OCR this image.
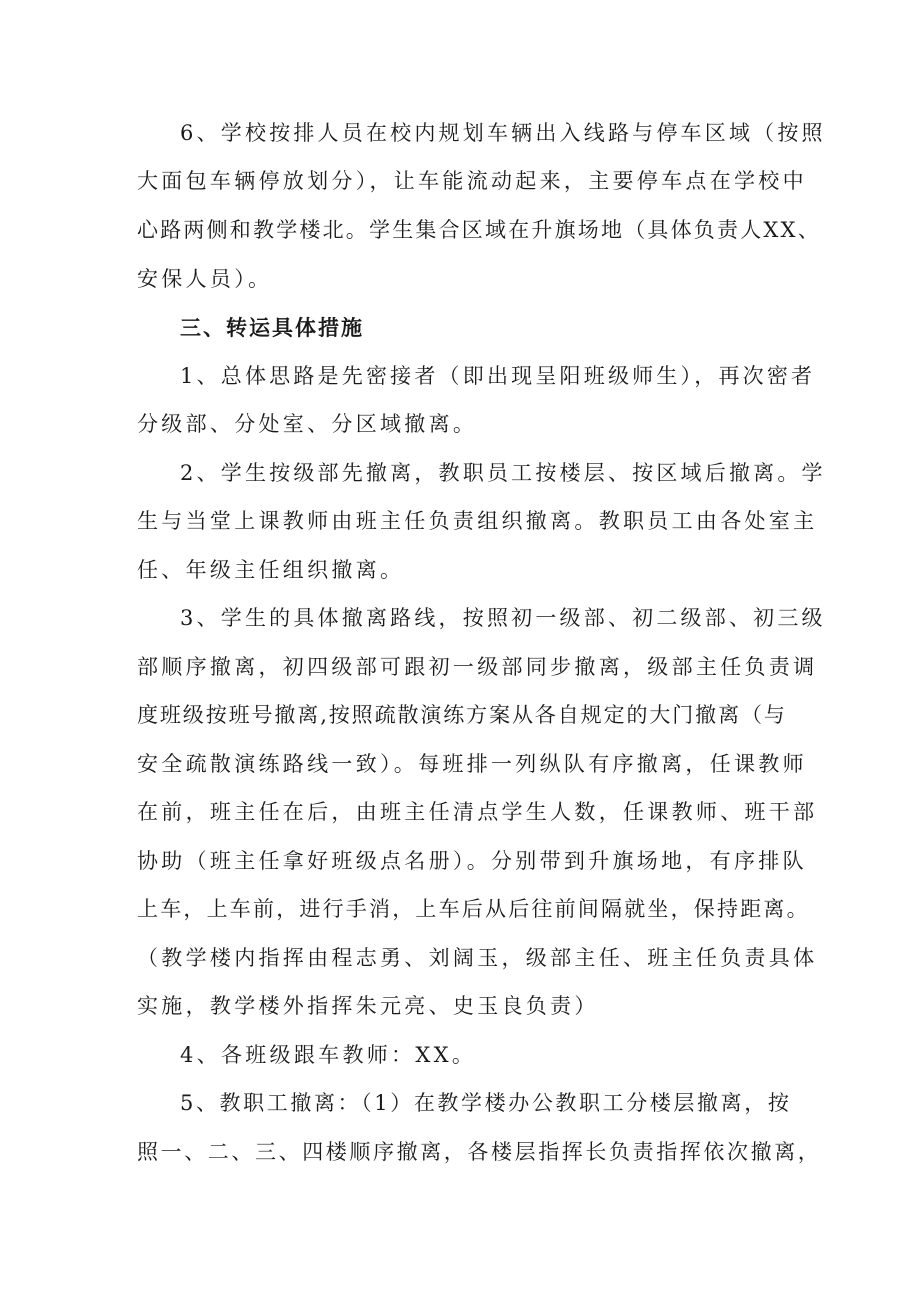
6、学校按排人员在校内规划车辆出入线路与停车区域（按照
大面包车辆停放划分），让车能流动起来，主要停车点在学校中
心路两侧和教学楼北。学生集合区域在升旗场地（具体负责人XX、
安保人员）。
三、转运具体措施
1、总体思路是先密接者（即出现呈阳班级师生），再次密者
分级部、分处室、分区域撤离。
2、学生按级部先撤离，教职员工按楼层、按区域后撤离。学
生与当堂上课教师由班主任负责组织撤离。教职员工由各处室主
任、年级主任组织撤离。
3、学生的具体撤离路线，按照初一级部、初二级部、初三级
部顺序撤离，初四级部可跟初一级部同步撤离，级部主任负责调
度班级按班号撤离,按照疏散演练方案从各自规定的大门撤离（与
安全疏散演练路线一致）。每班排一列纵队有序撤离，任课教师
在前，班主任在后，由班主任清点学生人数，任课教师、班干部
协助（班主任拿好班级点名册）。分别带到升旗场地，有序排队
上车，上车前，进行手消，上车后从后往前间隔就坐，保持距离。
（教学楼内指挥由程志勇、刘阔玉，级部主任、班主任负责具体
实施，教学楼外指挥朱元亮、史玉良负责）
4、各班级跟车教师：XX。
5、教职工撤离：（1）在教学楼办公教职工分楼层撤离，按
照一、二、三、四楼顺序撤离，各楼层指挥长负责指挥依次撤离，
